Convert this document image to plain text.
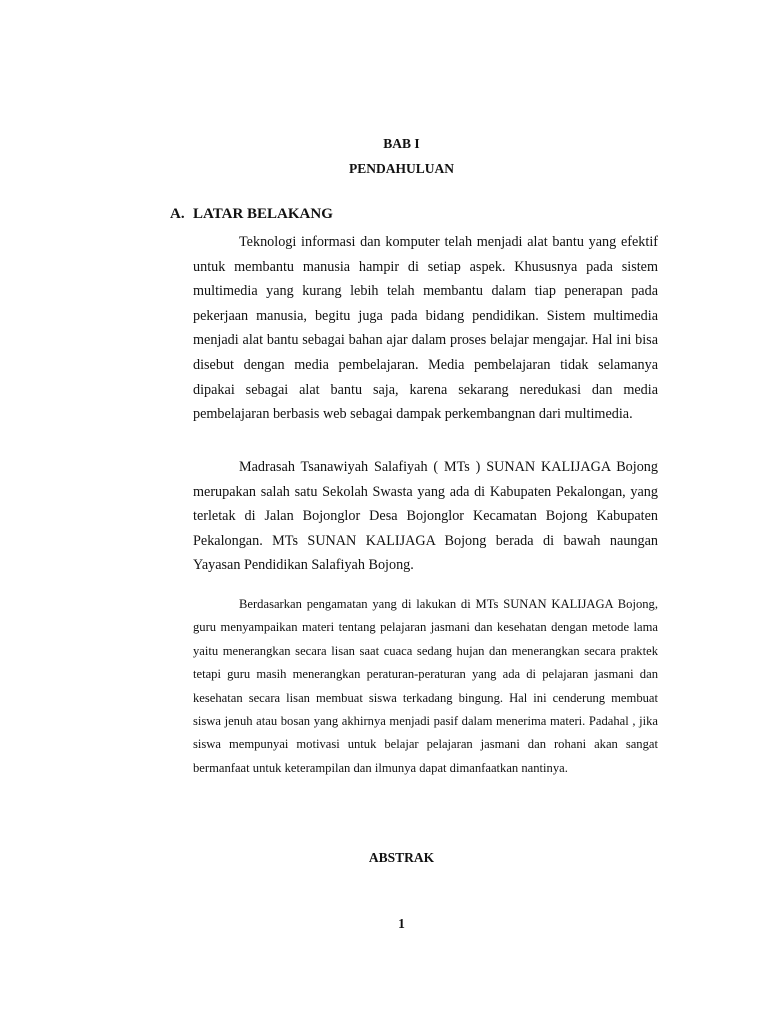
BAB I
PENDAHULUAN
A. LATAR BELAKANG

Teknologi informasi dan komputer telah menjadi alat bantu yang efektif untuk membantu manusia hampir di setiap aspek. Khususnya pada sistem multimedia yang kurang lebih telah membantu dalam tiap penerapan pada pekerjaan manusia, begitu juga pada bidang pendidikan. Sistem multimedia menjadi alat bantu sebagai bahan ajar dalam proses belajar mengajar. Hal ini bisa disebut dengan media pembelajaran. Media pembelajaran tidak selamanya dipakai sebagai alat bantu saja, karena sekarang neredukasi dan media pembelajaran berbasis web sebagai dampak perkembangnan dari multimedia.

Madrasah Tsanawiyah Salafiyah ( MTs ) SUNAN KALIJAGA Bojong merupakan salah satu Sekolah Swasta yang ada di Kabupaten Pekalongan, yang terletak di Jalan Bojonglor Desa Bojonglor Kecamatan Bojong Kabupaten Pekalongan. MTs SUNAN KALIJAGA Bojong berada di bawah naungan Yayasan Pendidikan Salafiyah Bojong.

Berdasarkan pengamatan yang di lakukan di MTs SUNAN KALIJAGA Bojong, guru menyampaikan materi tentang pelajaran jasmani dan kesehatan dengan metode lama yaitu menerangkan secara lisan saat cuaca sedang hujan dan menerangkan secara praktek tetapi guru masih menerangkan peraturan-peraturan yang ada di pelajaran jasmani dan kesehatan secara lisan membuat siswa terkadang bingung. Hal ini cenderung membuat siswa jenuh atau bosan yang akhirnya menjadi pasif dalam menerima materi. Padahal , jika siswa mempunyai motivasi untuk belajar pelajaran jasmani dan rohani akan sangat bermanfaat untuk keterampilan dan ilmunya dapat dimanfaatkan nantinya.

ABSTRAK
1
